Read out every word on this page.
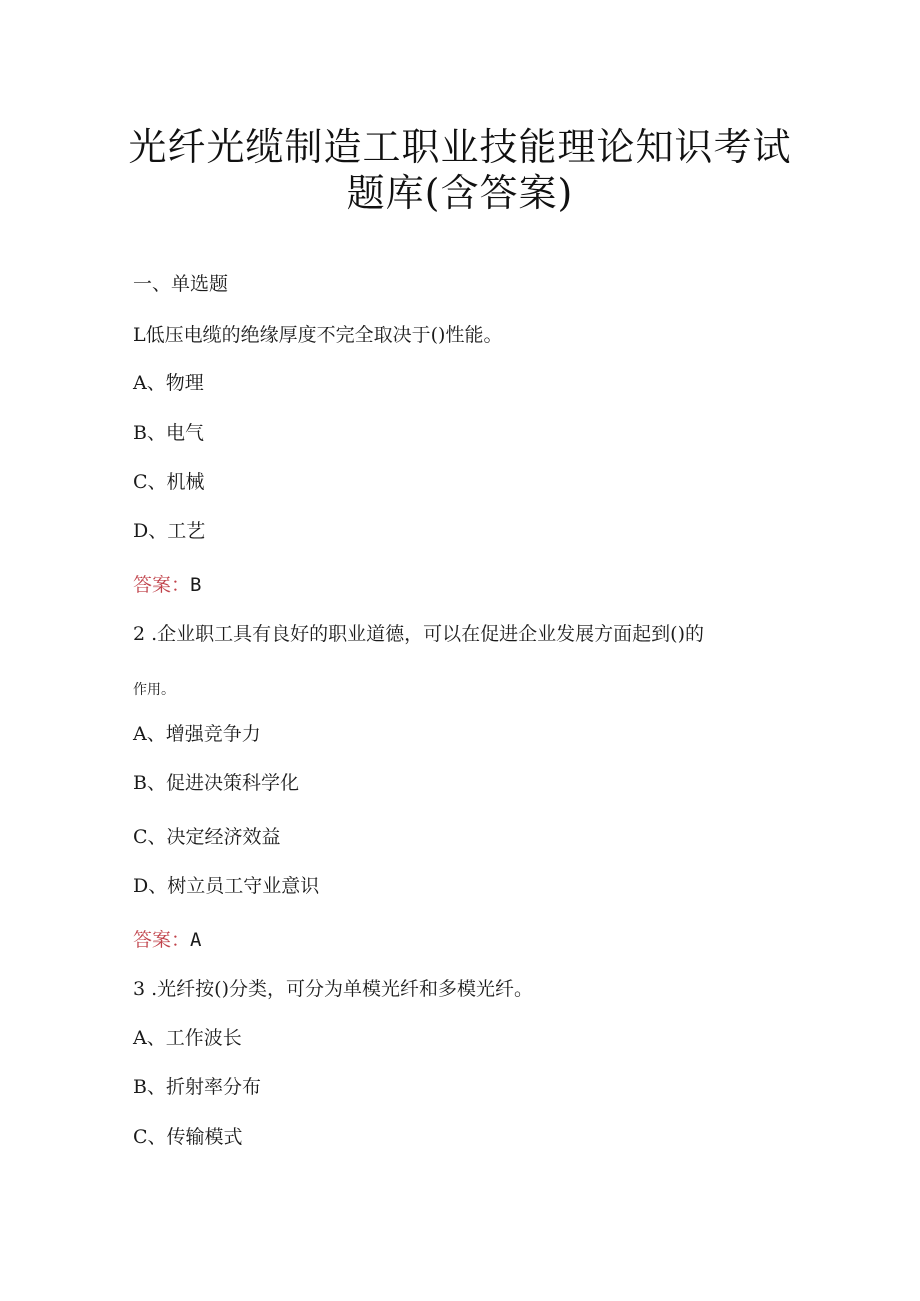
光纤光缆制造工职业技能理论知识考试
题库(含答案)
一、单选题
L低压电缆的绝缘厚度不完全取决于()性能。
A、物理
B、电气
C、机械
D、工艺
答案：B
2 .企业职工具有良好的职业道德，可以在促进企业发展方面起到()的
作用。
A、增强竞争力
B、促进决策科学化
C、决定经济效益
D、树立员工守业意识
答案：A
3 .光纤按()分类，可分为单模光纤和多模光纤。
A、工作波长
B、折射率分布
C、传输模式
